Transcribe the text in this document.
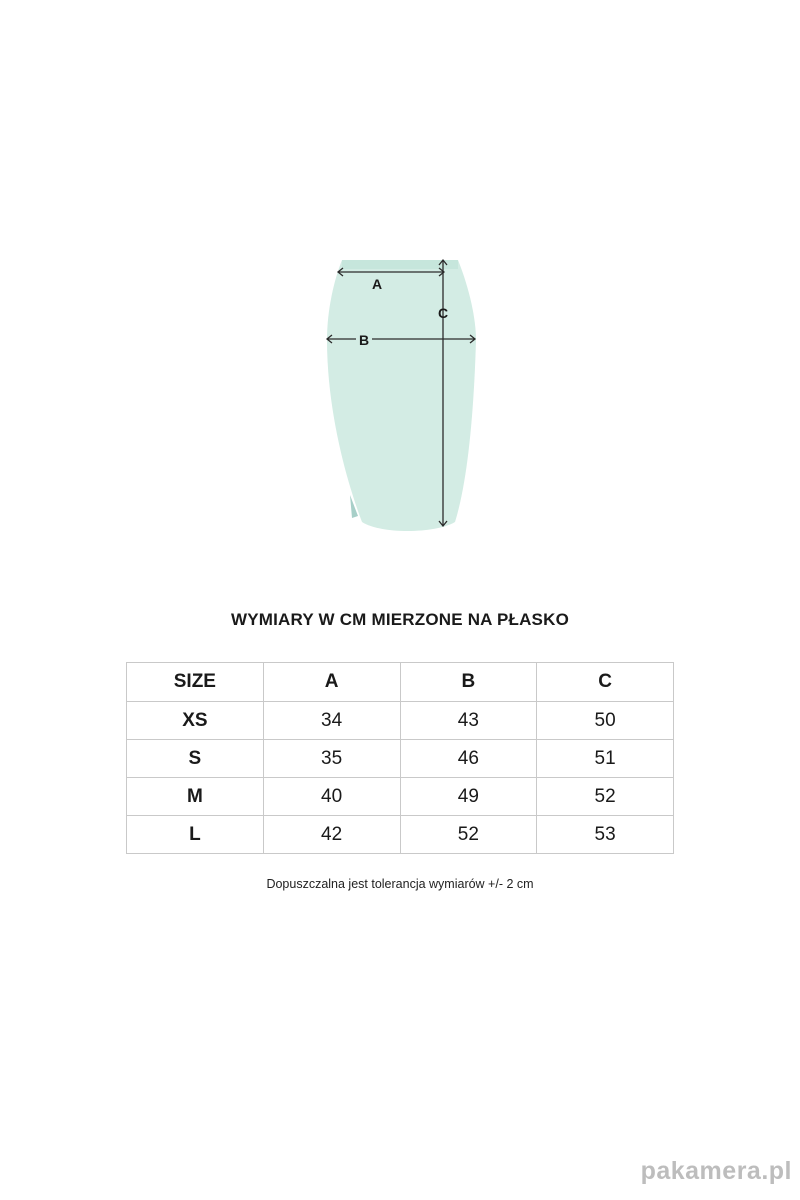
A
B
C
WYMIARY W CM MIERZONE NA PŁASKO
SIZE	A	B	C
XS	34	43	50
S	35	46	51
M	40	49	52
L	42	52	53
Dopuszczalna jest tolerancja wymiarów +/- 2 cm
pakamera.pl
